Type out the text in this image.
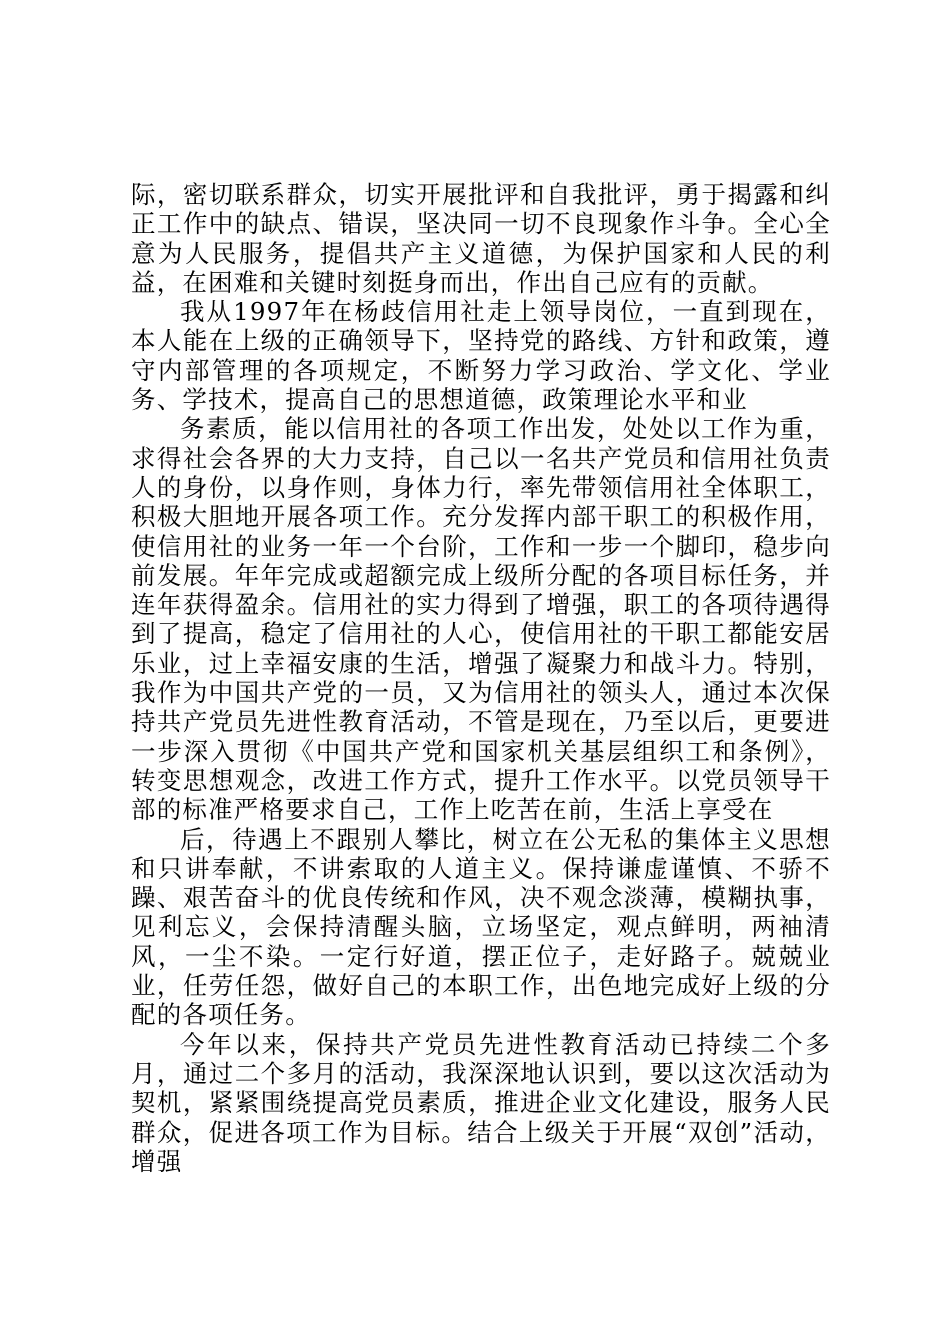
际，密切联系群众，切实开展批评和自我批评，勇于揭露和纠正工作中的缺点、错误，坚决同一切不良现象作斗争。全心全意为人民服务，提倡共产主义道德，为保护国家和人民的利益，在困难和关键时刻挺身而出，作出自己应有的贡献。

我从1997年在杨歧信用社走上领导岗位，一直到现在，本人能在上级的正确领导下，坚持党的路线、方针和政策，遵守内部管理的各项规定，不断努力学习政治、学文化、学业务、学技术，提高自己的思想道德，政策理论水平和业

务素质，能以信用社的各项工作出发，处处以工作为重，求得社会各界的大力支持，自己以一名共产党员和信用社负责人的身份，以身作则，身体力行，率先带领信用社全体职工，积极大胆地开展各项工作。充分发挥内部干职工的积极作用，使信用社的业务一年一个台阶，工作和一步一个脚印，稳步向前发展。年年完成或超额完成上级所分配的各项目标任务，并连年获得盈余。信用社的实力得到了增强，职工的各项待遇得到了提高，稳定了信用社的人心，使信用社的干职工都能安居乐业，过上幸福安康的生活，增强了凝聚力和战斗力。特别，我作为中国共产党的一员，又为信用社的领头人，通过本次保持共产党员先进性教育活动，不管是现在，乃至以后，更要进一步深入贯彻《中国共产党和国家机关基层组织工和条例》，转变思想观念，改进工作方式，提升工作水平。以党员领导干部的标准严格要求自己，工作上吃苦在前，生活上享受在

后，待遇上不跟别人攀比，树立在公无私的集体主义思想和只讲奉献，不讲索取的人道主义。保持谦虚谨慎、不骄不躁、艰苦奋斗的优良传统和作风，决不观念淡薄，模糊执事，见利忘义，会保持清醒头脑，立场坚定，观点鲜明，两袖清风，一尘不染。一定行好道，摆正位子，走好路子。兢兢业业，任劳任怨，做好自己的本职工作，出色地完成好上级的分配的各项任务。

今年以来，保持共产党员先进性教育活动已持续二个多月，通过二个多月的活动，我深深地认识到，要以这次活动为契机，紧紧围绕提高党员素质，推进企业文化建设，服务人民群众，促进各项工作为目标。结合上级关于开展“双创”活动，增强
